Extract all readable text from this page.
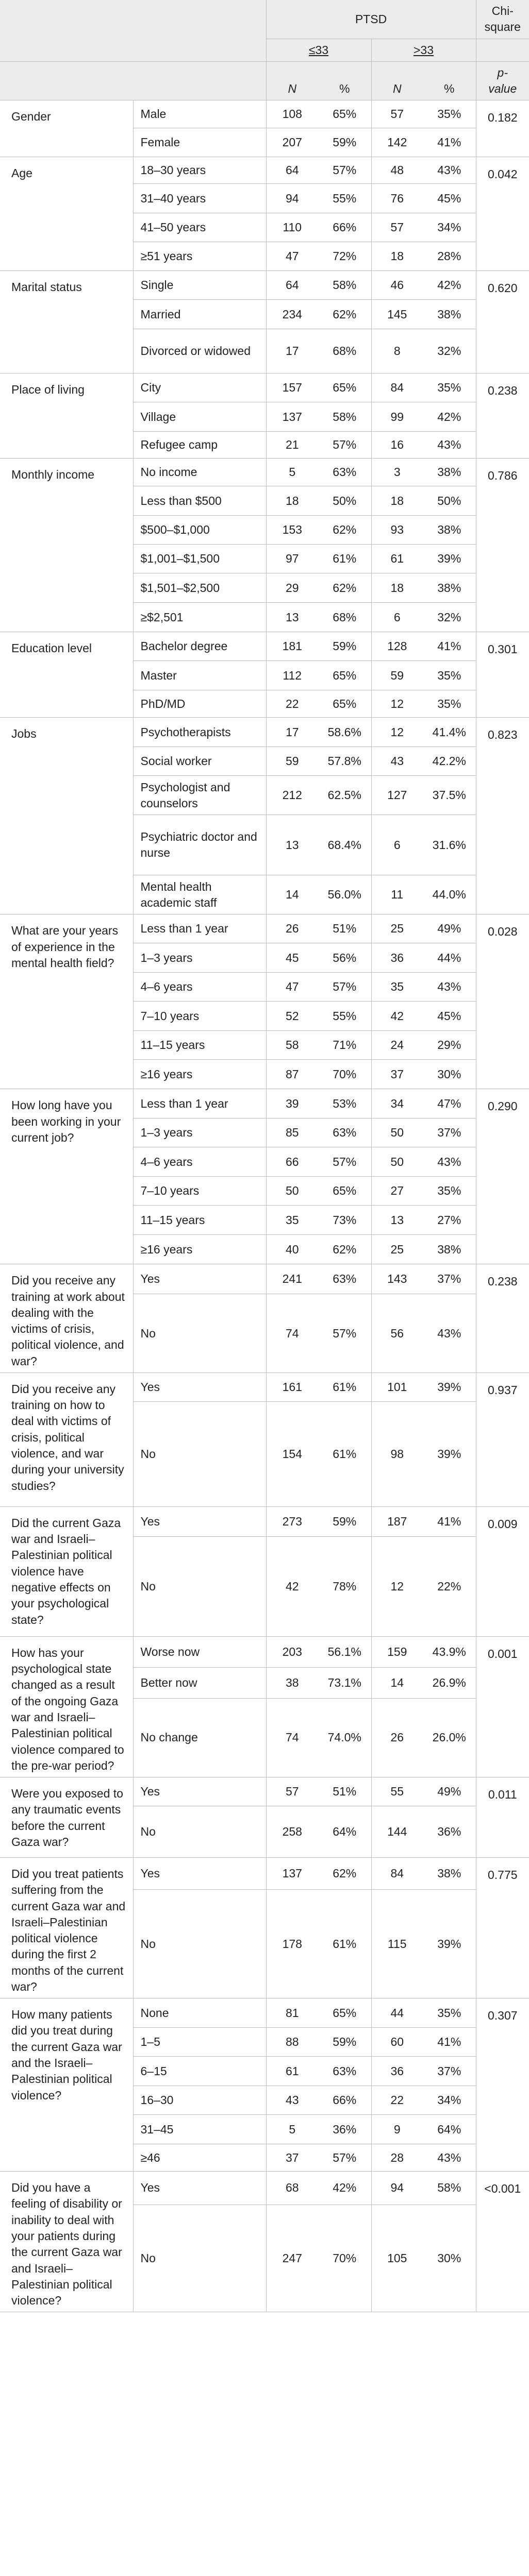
		PTSD				Chi-square
		≤33		>33		
		N	%	N	%	p-value
Gender	Male	108	65%	57	35%	0.182
	Female	207	59%	142	41%	
Age	18–30 years	64	57%	48	43%	0.042
	31–40 years	94	55%	76	45%	
	41–50 years	110	66%	57	34%	
	≥51 years	47	72%	18	28%	
Marital status	Single	64	58%	46	42%	0.620
	Married	234	62%	145	38%	
	Divorced or widowed	17	68%	8	32%	
Place of living	City	157	65%	84	35%	0.238
	Village	137	58%	99	42%	
	Refugee camp	21	57%	16	43%	
Monthly income	No income	5	63%	3	38%	0.786
	Less than $500	18	50%	18	50%	
	$500–$1,000	153	62%	93	38%	
	$1,001–$1,500	97	61%	61	39%	
	$1,501–$2,500	29	62%	18	38%	
	≥$2,501	13	68%	6	32%	
Education level	Bachelor degree	181	59%	128	41%	0.301
	Master	112	65%	59	35%	
	PhD/MD	22	65%	12	35%	
Jobs	Psychotherapists	17	58.6%	12	41.4%	0.823
	Social worker	59	57.8%	43	42.2%	
	Psychologist and counselors	212	62.5%	127	37.5%	
	Psychiatric doctor and nurse	13	68.4%	6	31.6%	
	Mental health academic staff	14	56.0%	11	44.0%	
What are your years of experience in the mental health field?	Less than 1 year	26	51%	25	49%	0.028
	1–3 years	45	56%	36	44%	
	4–6 years	47	57%	35	43%	
	7–10 years	52	55%	42	45%	
	11–15 years	58	71%	24	29%	
	≥16 years	87	70%	37	30%	
How long have you been working in your current job?	Less than 1 year	39	53%	34	47%	0.290
	1–3 years	85	63%	50	37%	
	4–6 years	66	57%	50	43%	
	7–10 years	50	65%	27	35%	
	11–15 years	35	73%	13	27%	
	≥16 years	40	62%	25	38%	
Did you receive any training at work about dealing with the victims of crisis, political violence, and war?	Yes	241	63%	143	37%	0.238
	No	74	57%	56	43%	
Did you receive any training on how to deal with victims of crisis, political violence, and war during your university studies?	Yes	161	61%	101	39%	0.937
	No	154	61%	98	39%	
Did the current Gaza war and Israeli–Palestinian political violence have negative effects on your psychological state?	Yes	273	59%	187	41%	0.009
	No	42	78%	12	22%	
How has your psychological state changed as a result of the ongoing Gaza war and Israeli–Palestinian political violence compared to the pre-war period?	Worse now	203	56.1%	159	43.9%	0.001
	Better now	38	73.1%	14	26.9%	
	No change	74	74.0%	26	26.0%	
Were you exposed to any traumatic events before the current Gaza war?	Yes	57	51%	55	49%	0.011
	No	258	64%	144	36%	
Did you treat patients suffering from the current Gaza war and Israeli–Palestinian political violence during the first 2 months of the current war?	Yes	137	62%	84	38%	0.775
	No	178	61%	115	39%	
How many patients did you treat during the current Gaza war and the Israeli–Palestinian political violence?	None	81	65%	44	35%	0.307
	1–5	88	59%	60	41%	
	6–15	61	63%	36	37%	
	16–30	43	66%	22	34%	
	31–45	5	36%	9	64%	
	≥46	37	57%	28	43%	
Did you have a feeling of disability or inability to deal with your patients during the current Gaza war and Israeli–Palestinian political violence?	Yes	68	42%	94	58%	<0.001
	No	247	70%	105	30%	
